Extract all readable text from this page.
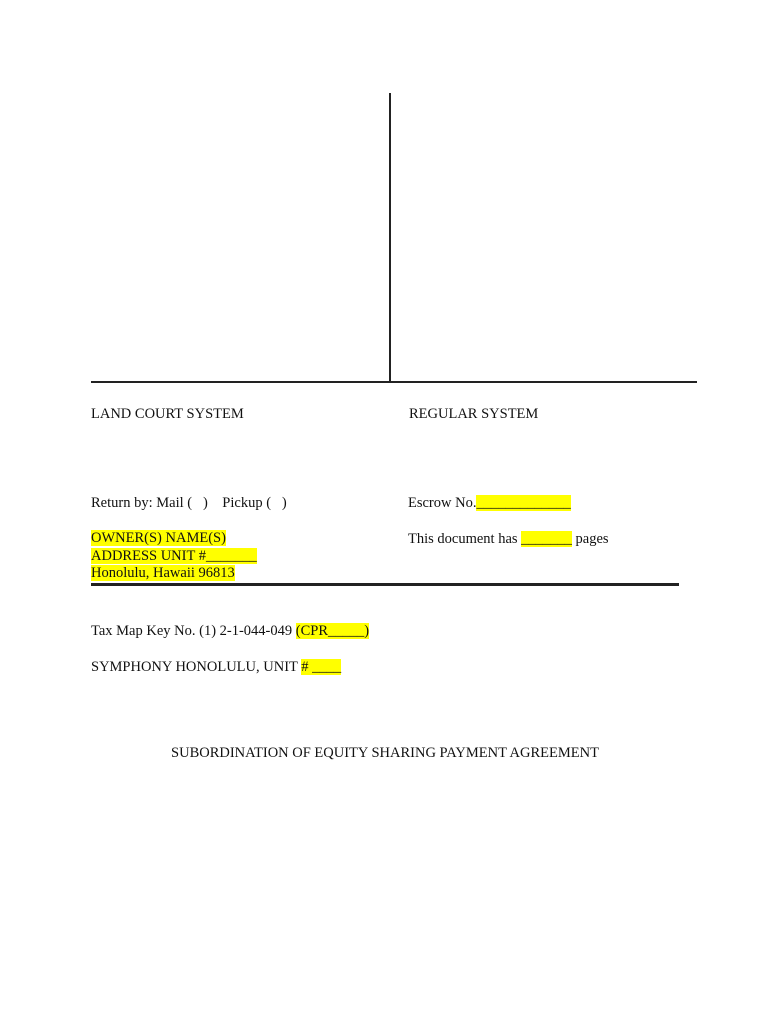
LAND COURT SYSTEM	REGULAR SYSTEM
Return by: Mail (   )    Pickup (   )	Escrow No._____________
This document has _______ pages
OWNER(S) NAME(S)
ADDRESS UNIT #_______
Honolulu, Hawaii 96813
Tax Map Key No. (1) 2-1-044-049 (CPR_____)
SYMPHONY HONOLULU, UNIT # ____
SUBORDINATION OF EQUITY SHARING PAYMENT AGREEMENT
